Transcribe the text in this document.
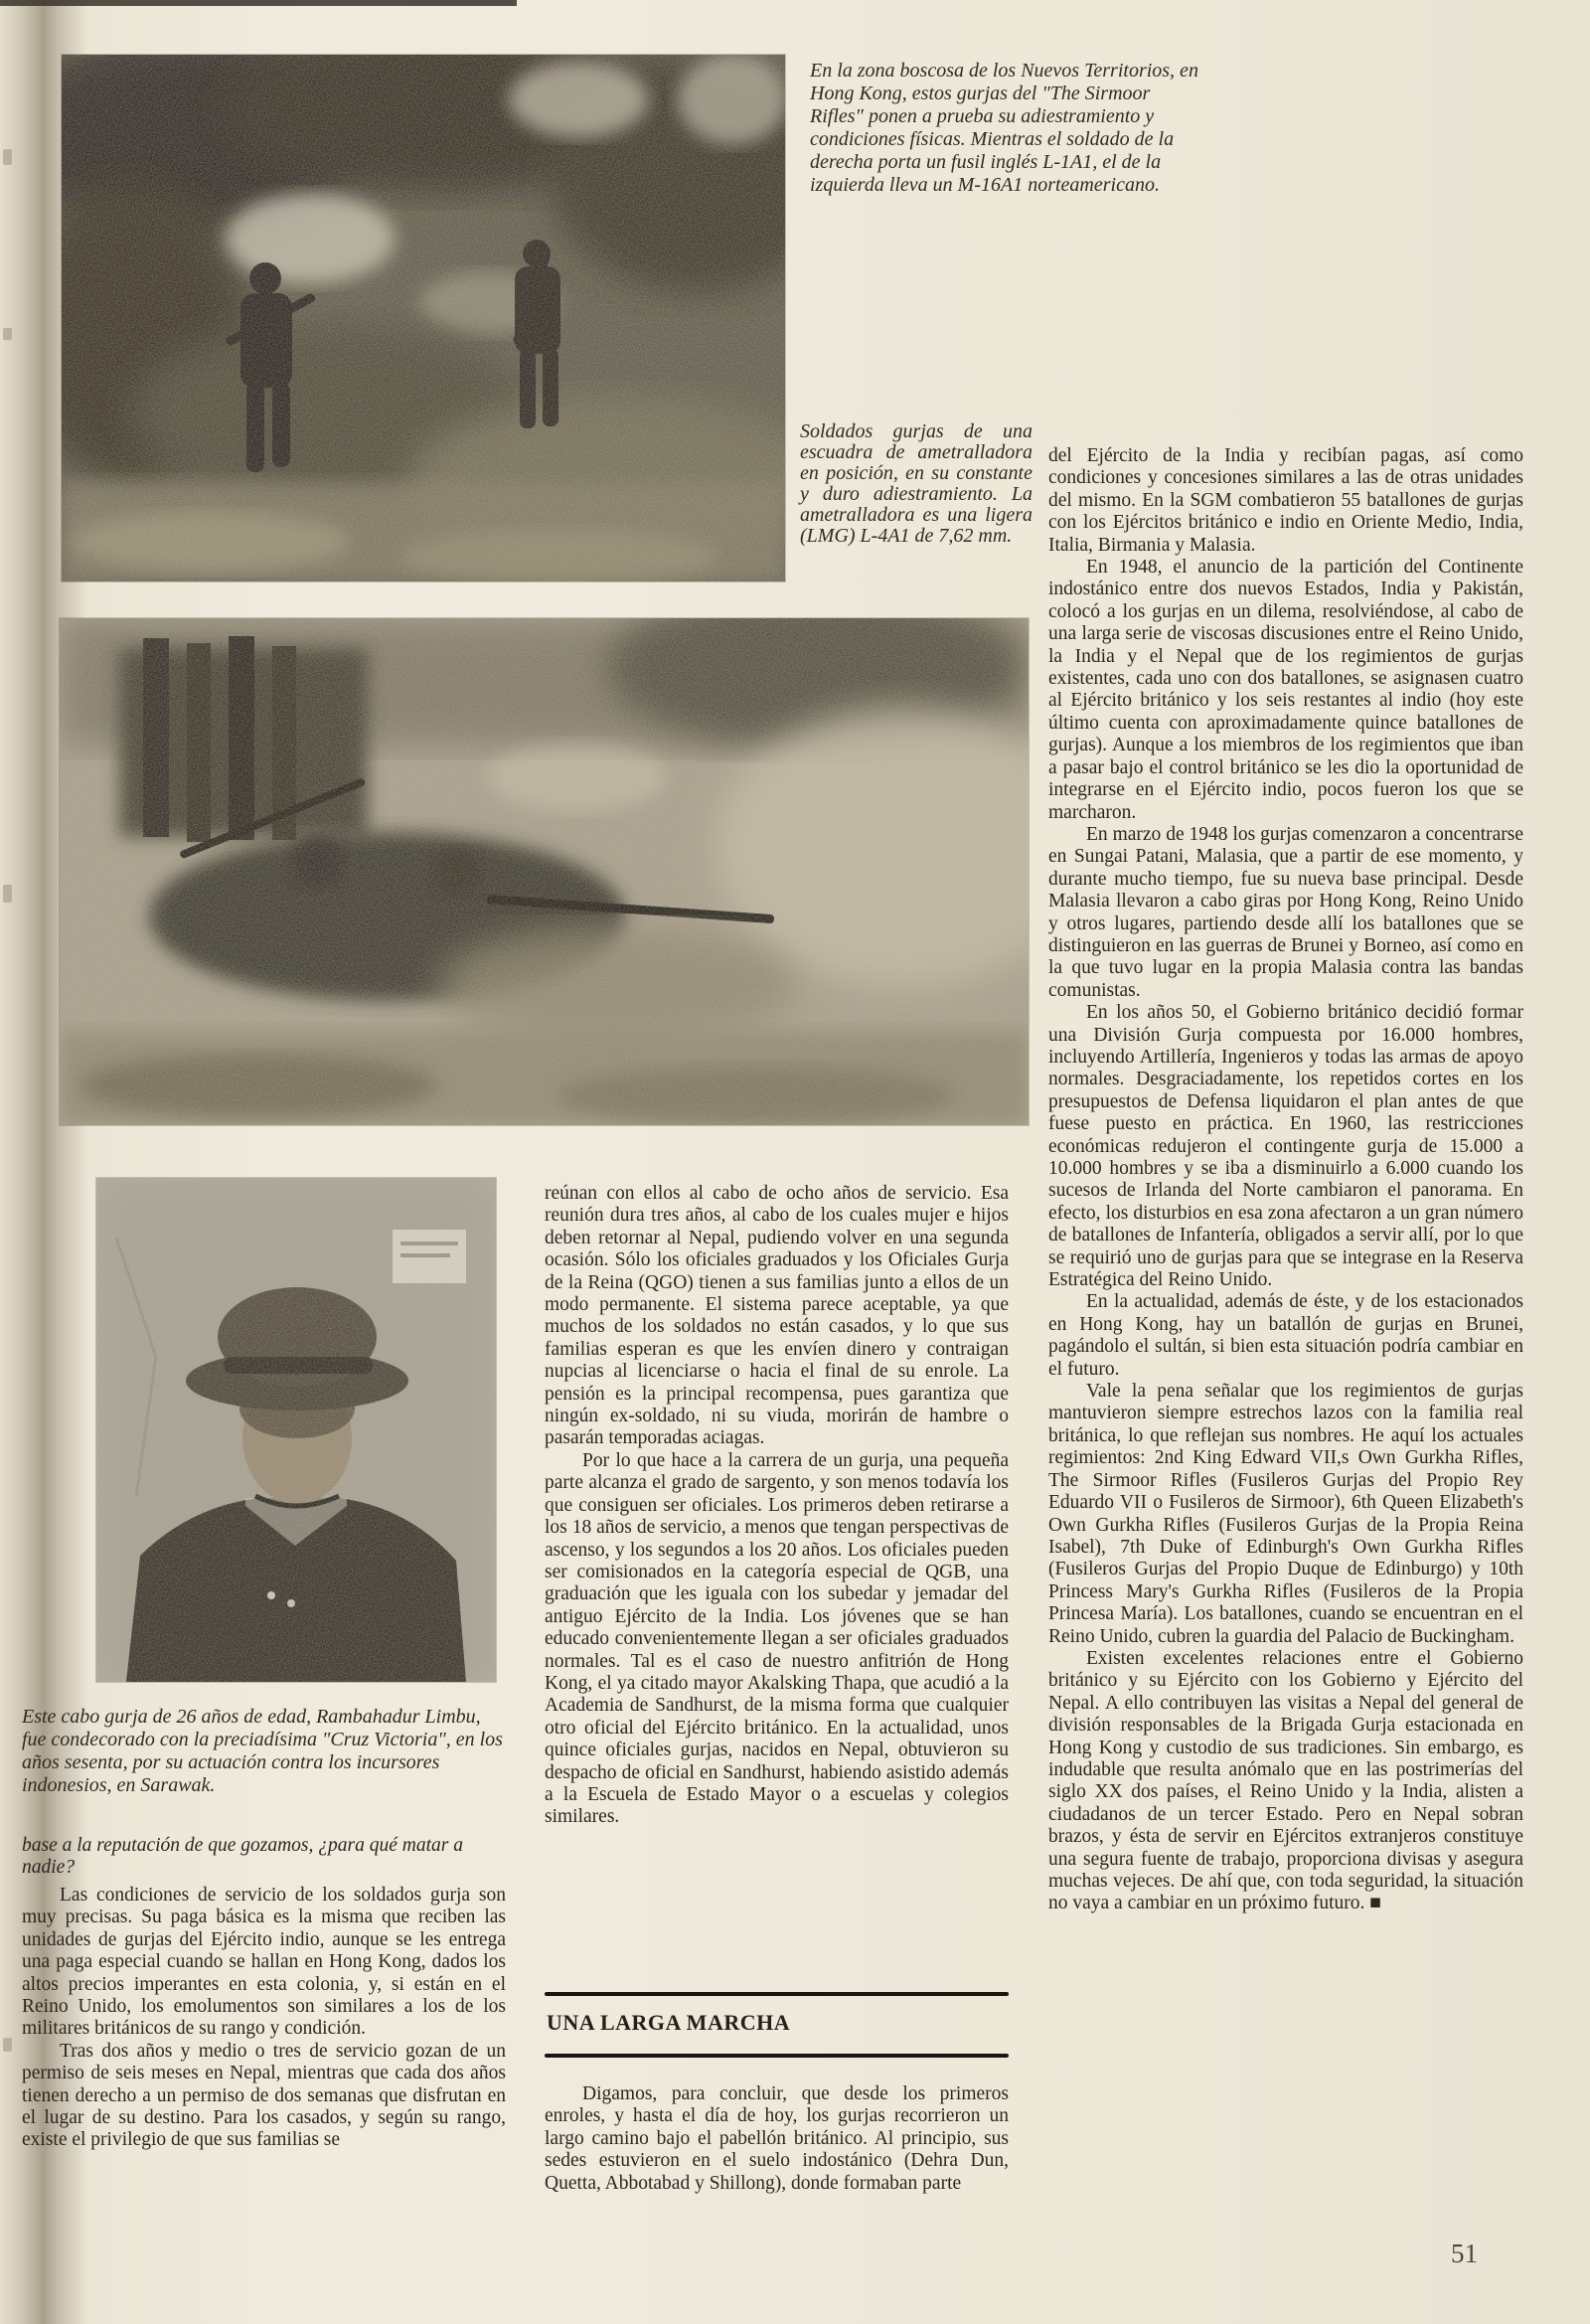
En la zona boscosa de los Nuevos Territorios, en Hong Kong, estos gurjas del "The Sirmoor Rifles" ponen a prueba su adiestramiento y condiciones físicas. Mientras el soldado de la derecha porta un fusil inglés L-1A1, el de la izquierda lleva un M-16A1 norteamericano.
Soldados gurjas de una escuadra de ametralladora en posición, en su constante y duro adiestramiento. La ametralladora es una ligera (LMG) L-4A1 de 7,62 mm.
Este cabo gurja de 26 años de edad, Rambahadur Limbu, fue condecorado con la preciadísima "Cruz Victoria", en los años sesenta, por su actuación contra los incursores indonesios, en Sarawak.
base a la reputación de que gozamos, ¿para qué matar a nadie?

Las condiciones de servicio de los soldados gurja son muy precisas. Su paga básica es la misma que reciben las unidades de gurjas del Ejército indio, aunque se les entrega una paga especial cuando se hallan en Hong Kong, dados los altos precios imperantes en esta colonia, y, si están en el Reino Unido, los emolumentos son similares a los de los militares británicos de su rango y condición.

Tras dos años y medio o tres de servicio gozan de un permiso de seis meses en Nepal, mientras que cada dos años tienen derecho a un permiso de dos semanas que disfrutan en el lugar de su destino. Para los casados, y según su rango, existe el privilegio de que sus familias se

reúnan con ellos al cabo de ocho años de servicio. Esa reunión dura tres años, al cabo de los cuales mujer e hijos deben retornar al Nepal, pudiendo volver en una segunda ocasión. Sólo los oficiales graduados y los Oficiales Gurja de la Reina (QGO) tienen a sus familias junto a ellos de un modo permanente. El sistema parece aceptable, ya que muchos de los soldados no están casados, y lo que sus familias esperan es que les envíen dinero y contraigan nupcias al licenciarse o hacia el final de su enrole. La pensión es la principal recompensa, pues garantiza que ningún ex-soldado, ni su viuda, morirán de hambre o pasarán temporadas aciagas.

Por lo que hace a la carrera de un gurja, una pequeña parte alcanza el grado de sargento, y son menos todavía los que consiguen ser oficiales. Los primeros deben retirarse a los 18 años de servicio, a menos que tengan perspectivas de ascenso, y los segundos a los 20 años. Los oficiales pueden ser comisionados en la categoría especial de QGB, una graduación que les iguala con los subedar y jemadar del antiguo Ejército de la India. Los jóvenes que se han educado convenientemente llegan a ser oficiales graduados normales. Tal es el caso de nuestro anfitrión de Hong Kong, el ya citado mayor Akalsking Thapa, que acudió a la Academia de Sandhurst, de la misma forma que cualquier otro oficial del Ejército británico. En la actualidad, unos quince oficiales gurjas, nacidos en Nepal, obtuvieron su despacho de oficial en Sandhurst, habiendo asistido además a la Escuela de Estado Mayor o a escuelas y colegios similares.

UNA LARGA MARCHA

Digamos, para concluir, que desde los primeros enroles, y hasta el día de hoy, los gurjas recorrieron un largo camino bajo el pabellón británico. Al principio, sus sedes estuvieron en el suelo indostánico (Dehra Dun, Quetta, Abbotabad y Shillong), donde formaban parte

del Ejército de la India y recibían pagas, así como condiciones y concesiones similares a las de otras unidades del mismo. En la SGM combatieron 55 batallones de gurjas con los Ejércitos británico e indio en Oriente Medio, India, Italia, Birmania y Malasia.

En 1948, el anuncio de la partición del Continente indostánico entre dos nuevos Estados, India y Pakistán, colocó a los gurjas en un dilema, resolviéndose, al cabo de una larga serie de viscosas discusiones entre el Reino Unido, la India y el Nepal que de los regimientos de gurjas existentes, cada uno con dos batallones, se asignasen cuatro al Ejército británico y los seis restantes al indio (hoy este último cuenta con aproximadamente quince batallones de gurjas). Aunque a los miembros de los regimientos que iban a pasar bajo el control británico se les dio la oportunidad de integrarse en el Ejército indio, pocos fueron los que se marcharon.

En marzo de 1948 los gurjas comenzaron a concentrarse en Sungai Patani, Malasia, que a partir de ese momento, y durante mucho tiempo, fue su nueva base principal. Desde Malasia llevaron a cabo giras por Hong Kong, Reino Unido y otros lugares, partiendo desde allí los batallones que se distinguieron en las guerras de Brunei y Borneo, así como en la que tuvo lugar en la propia Malasia contra las bandas comunistas.

En los años 50, el Gobierno británico decidió formar una División Gurja compuesta por 16.000 hombres, incluyendo Artillería, Ingenieros y todas las armas de apoyo normales. Desgraciadamente, los repetidos cortes en los presupuestos de Defensa liquidaron el plan antes de que fuese puesto en práctica. En 1960, las restricciones económicas redujeron el contingente gurja de 15.000 a 10.000 hombres y se iba a disminuirlo a 6.000 cuando los sucesos de Irlanda del Norte cambiaron el panorama. En efecto, los disturbios en esa zona afectaron a un gran número de batallones de Infantería, obligados a servir allí, por lo que se requirió uno de gurjas para que se integrase en la Reserva Estratégica del Reino Unido.

En la actualidad, además de éste, y de los estacionados en Hong Kong, hay un batallón de gurjas en Brunei, pagándolo el sultán, si bien esta situación podría cambiar en el futuro.

Vale la pena señalar que los regimientos de gurjas mantuvieron siempre estrechos lazos con la familia real británica, lo que reflejan sus nombres. He aquí los actuales regimientos: 2nd King Edward VII,s Own Gurkha Rifles, The Sirmoor Rifles (Fusileros Gurjas del Propio Rey Eduardo VII o Fusileros de Sirmoor), 6th Queen Elizabeth's Own Gurkha Rifles (Fusileros Gurjas de la Propia Reina Isabel), 7th Duke of Edinburgh's Own Gurkha Rifles (Fusileros Gurjas del Propio Duque de Edinburgo) y 10th Princess Mary's Gurkha Rifles (Fusileros de la Propia Princesa María). Los batallones, cuando se encuentran en el Reino Unido, cubren la guardia del Palacio de Buckingham.

Existen excelentes relaciones entre el Gobierno británico y su Ejército con los Gobierno y Ejército del Nepal. A ello contribuyen las visitas a Nepal del general de división responsables de la Brigada Gurja estacionada en Hong Kong y custodio de sus tradiciones. Sin embargo, es indudable que resulta anómalo que en las postrimerías del siglo XX dos países, el Reino Unido y la India, alisten a ciudadanos de un tercer Estado. Pero en Nepal sobran brazos, y ésta de servir en Ejércitos extranjeros constituye una segura fuente de trabajo, proporciona divisas y asegura muchas vejeces. De ahí que, con toda seguridad, la situación no vaya a cambiar en un próximo futuro. ■

51
